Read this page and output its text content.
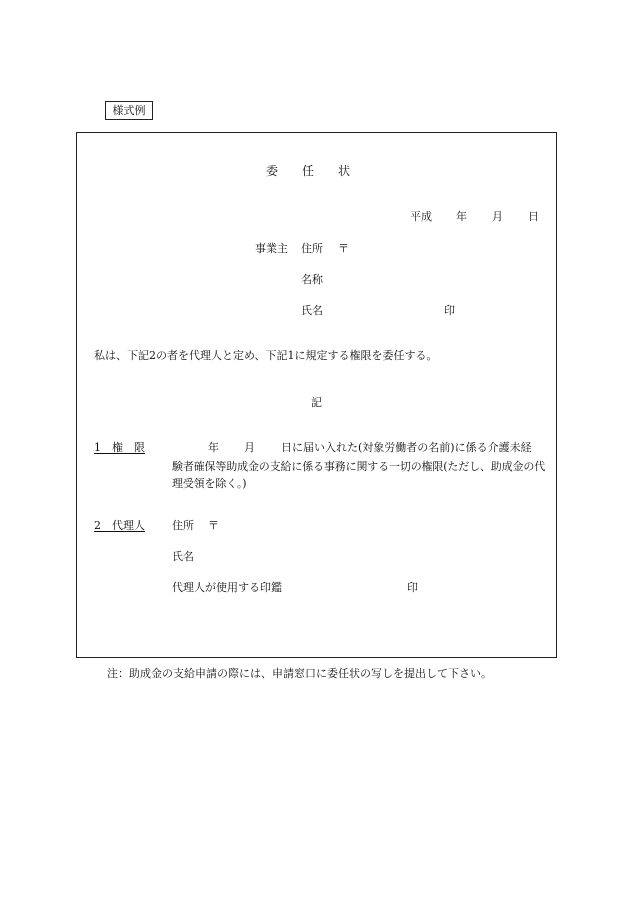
様式例
委任状
平成 年 月 日
事業主 住所 〒
名称
氏名	印
私は、下記2の者を代理人と定め、下記1に規定する権限を委任する。
記
1　権　限	年 月 日に届い入れた(対象労働者の名前)に係る介護未経
験者確保等助成金の支給に係る事務に関する一切の権限(ただし、助成金の代理受領を除く。)
2　代理人 住所 〒
氏名
代理人が使用する印鑑	印
注：助成金の支給申請の際には、申請窓口に委任状の写しを提出して下さい。
